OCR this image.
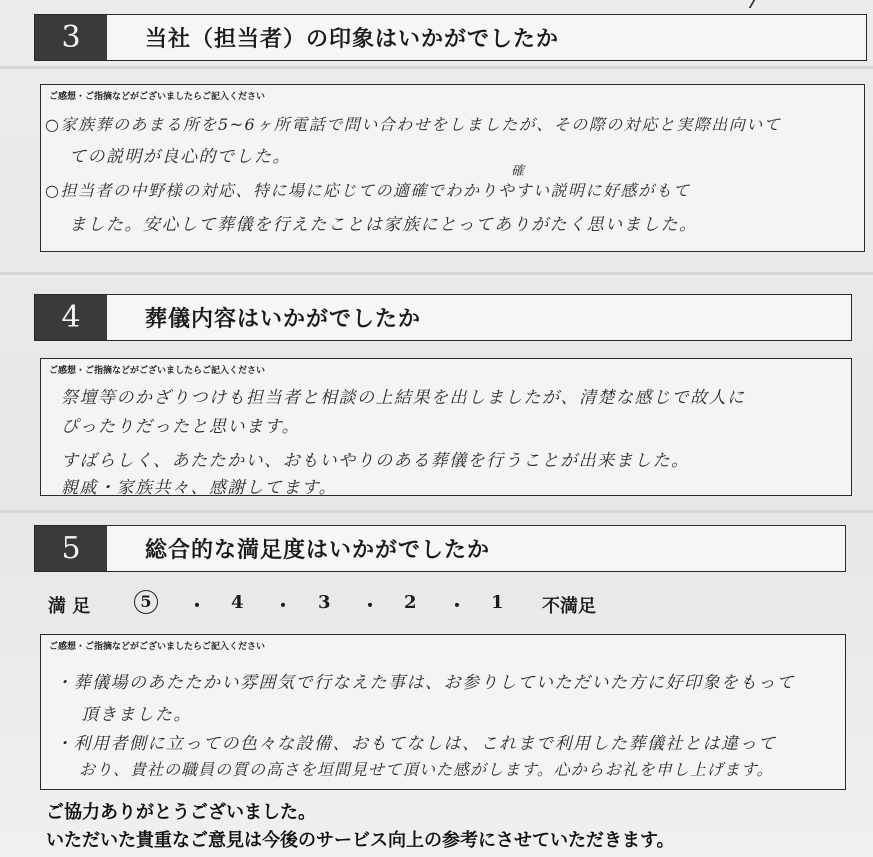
3	当社（担当者）の印象はいかがでしたか
ご感想・ご指摘などがございましたらご記入ください
○家族葬のあまる所を5~6ヶ所電話で問い合わせをしましたが、その際の対応と実際出向いて
ての説明が良心的でした。
確
○担当者の中野様の対応、特に場に応じての適確でわかりやすい説明に好感がもて
ました。安心して葬儀を行えたことは家族にとってありがたく思いました。
4	葬儀内容はいかがでしたか
ご感想・ご指摘などがございましたらご記入ください
祭壇等のかざりつけも担当者と相談の上結果を出しましたが、清楚な感じで故人に
ぴったりだったと思います。
すばらしく、あたたかい、おもいやりのある葬儀を行うことが出来ました。
親戚・家族共々、感謝してます。
5	総合的な満足度はいかがでしたか
満 足	5	・ 4 ・ 3 ・ 2 ・ 1 不満足
ご感想・ご指摘などがございましたらご記入ください
・葬儀場のあたたかい雰囲気で行なえた事は、お参りしていただいた方に好印象をもって
頂きました。
・利用者側に立っての色々な設備、おもてなしは、これまで利用した葬儀社とは違って
おり、貴社の職員の質の高さを垣間見せて頂いた感がします。心からお礼を申し上げます。
ご協力ありがとうございました。
いただいた貴重なご意見は今後のサービス向上の参考にさせていただきます。
